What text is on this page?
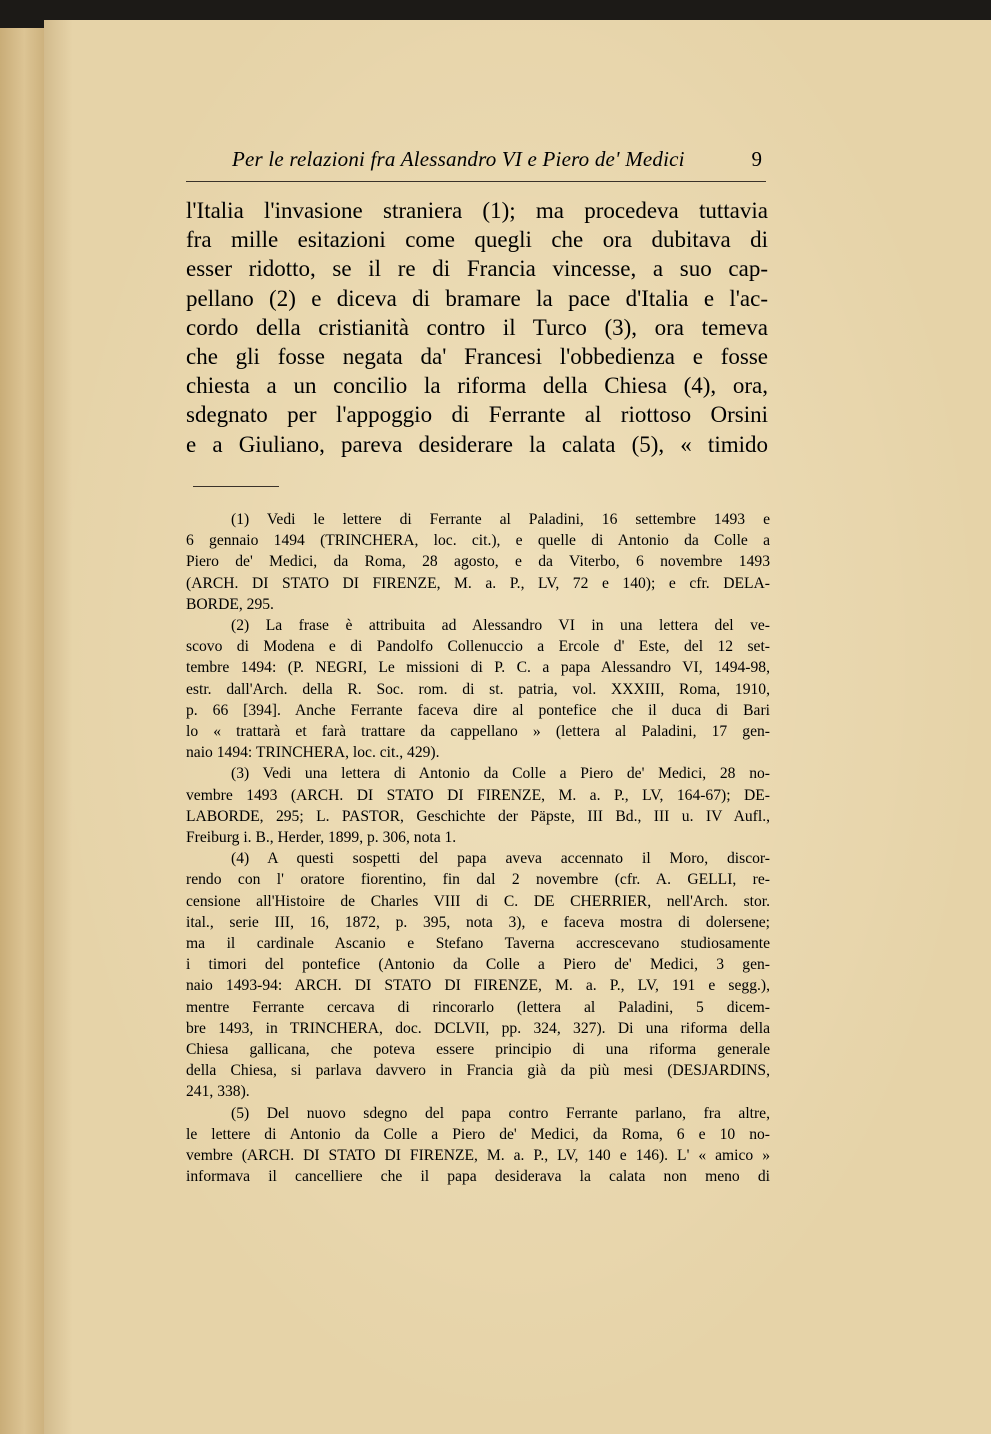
Per le relazioni fra Alessandro VI e Piero de' Medici	9
l'Italia l'invasione straniera (1); ma procedeva tuttavia
fra mille esitazioni come quegli che ora dubitava di
esser ridotto, se il re di Francia vincesse, a suo cap-
pellano (2) e diceva di bramare la pace d'Italia e l'ac-
cordo della cristianità contro il Turco (3), ora temeva
che gli fosse negata da' Francesi l'obbedienza e fosse
chiesta a un concilio la riforma della Chiesa (4), ora,
sdegnato per l'appoggio di Ferrante al riottoso Orsini
e a Giuliano, pareva desiderare la calata (5), « timido
(1) Vedi le lettere di Ferrante al Paladini, 16 settembre 1493 e
6 gennaio 1494 (TRINCHERA, loc. cit.), e quelle di Antonio da Colle a
Piero de' Medici, da Roma, 28 agosto, e da Viterbo, 6 novembre 1493
(ARCH. DI STATO DI FIRENZE, M. a. P., LV, 72 e 140); e cfr. DELA-
BORDE, 295.
(2) La frase è attribuita ad Alessandro VI in una lettera del ve-
scovo di Modena e di Pandolfo Collenuccio a Ercole d' Este, del 12 set-
tembre 1494: (P. NEGRI, Le missioni di P. C. a papa Alessandro VI, 1494-98,
estr. dall'Arch. della R. Soc. rom. di st. patria, vol. XXXIII, Roma, 1910,
p. 66 [394]. Anche Ferrante faceva dire al pontefice che il duca di Bari
lo « trattarà et farà trattare da cappellano » (lettera al Paladini, 17 gen-
naio 1494: TRINCHERA, loc. cit., 429).
(3) Vedi una lettera di Antonio da Colle a Piero de' Medici, 28 no-
vembre 1493 (ARCH. DI STATO DI FIRENZE, M. a. P., LV, 164-67); DE-
LABORDE, 295; L. PASTOR, Geschichte der Päpste, III Bd., III u. IV Aufl.,
Freiburg i. B., Herder, 1899, p. 306, nota 1.
(4) A questi sospetti del papa aveva accennato il Moro, discor-
rendo con l' oratore fiorentino, fin dal 2 novembre (cfr. A. GELLI, re-
censione all'Histoire de Charles VIII di C. DE CHERRIER, nell'Arch. stor.
ital., serie III, 16, 1872, p. 395, nota 3), e faceva mostra di dolersene;
ma il cardinale Ascanio e Stefano Taverna accrescevano studiosamente
i timori del pontefice (Antonio da Colle a Piero de' Medici, 3 gen-
naio 1493-94: ARCH. DI STATO DI FIRENZE, M. a. P., LV, 191 e segg.),
mentre Ferrante cercava di rincorarlo (lettera al Paladini, 5 dicem-
bre 1493, in TRINCHERA, doc. DCLVII, pp. 324, 327). Di una riforma della
Chiesa gallicana, che poteva essere principio di una riforma generale
della Chiesa, si parlava davvero in Francia già da più mesi (DESJARDINS,
241, 338).
(5) Del nuovo sdegno del papa contro Ferrante parlano, fra altre,
le lettere di Antonio da Colle a Piero de' Medici, da Roma, 6 e 10 no-
vembre (ARCH. DI STATO DI FIRENZE, M. a. P., LV, 140 e 146). L' « amico »
informava il cancelliere che il papa desiderava la calata non meno di
